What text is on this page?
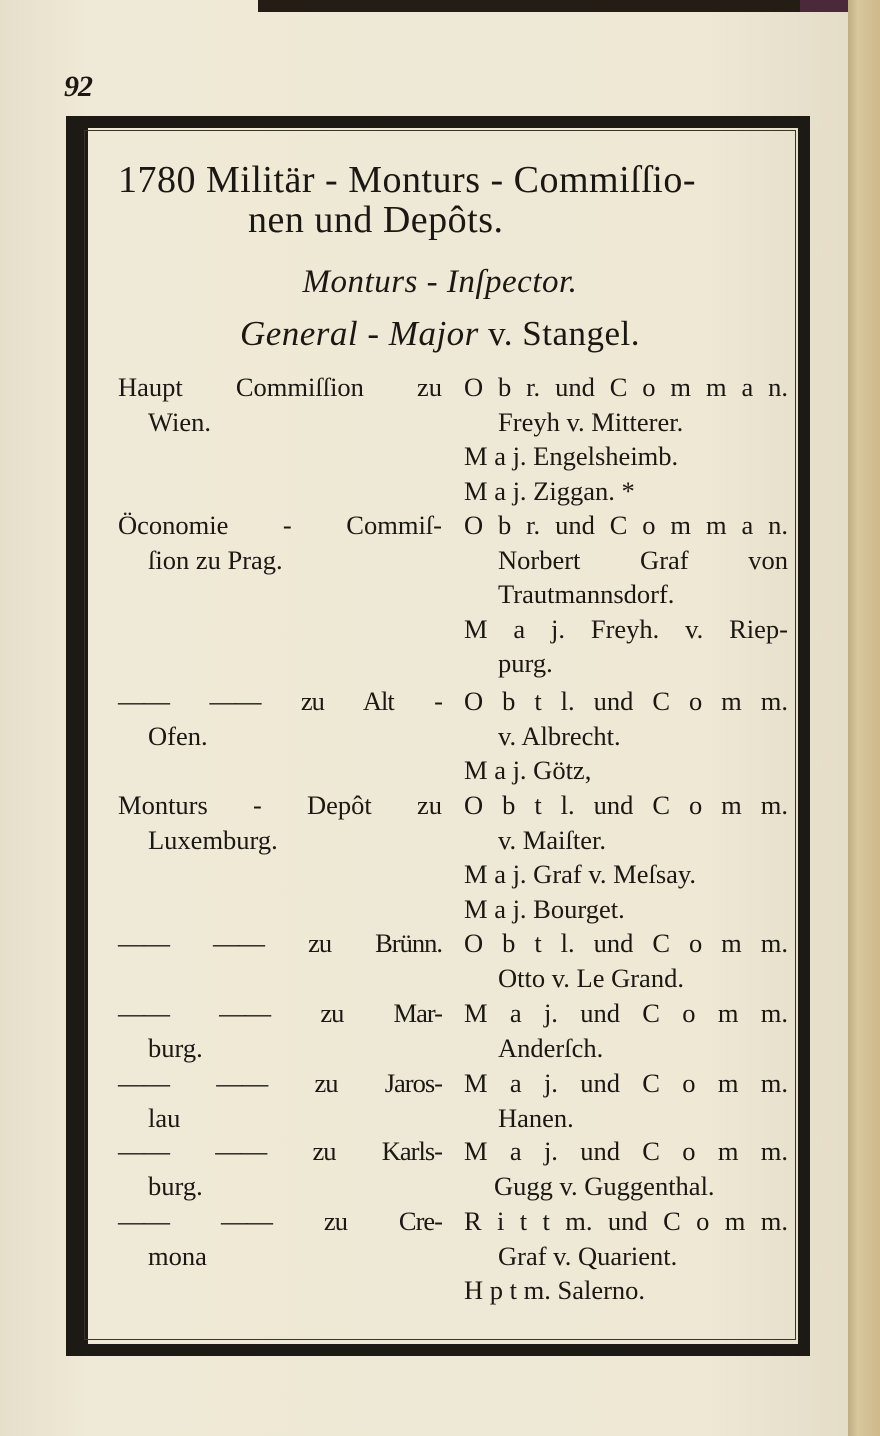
92
1780 Militär - Monturs - Commiſſio-
nen und Depôts.
Monturs - Inſpector.
General - Major v. Stangel.
Haupt Commiſſion zu
Wien.
O b r. und C o m m a n.
Freyh v. Mitterer.
M a j. Engelsheimb.
M a j. Ziggan. *
Öconomie - Commiſ-
ſion zu Prag.
O b r. und C o m m a n.
Norbert Graf von
Trautmannsdorf.
M a j. Freyh. v. Riep-
purg.
—— —— zu Alt -
Ofen.
O b t l. und C o m m.
v. Albrecht.
M a j. Götz,
Monturs - Depôt zu
Luxemburg.
O b t l. und C o m m.
v. Maiſter.
M a j. Graf v. Meſsay.
M a j. Bourget.
—— —— zu Brünn. O b t l. und C o m m.
Otto v. Le Grand.
—— —— zu Mar-
burg.
M a j. und C o m m.
Anderſch.
—— —— zu Jaros-
lau
M a j. und C o m m.
Hanen.
—— —— zu Karls-
burg.
M a j. und C o m m.
Gugg v. Guggenthal.
—— —— zu Cre-
mona
R i t t m. und C o m m.
Graf v. Quarient.
H p t m. Salerno.
